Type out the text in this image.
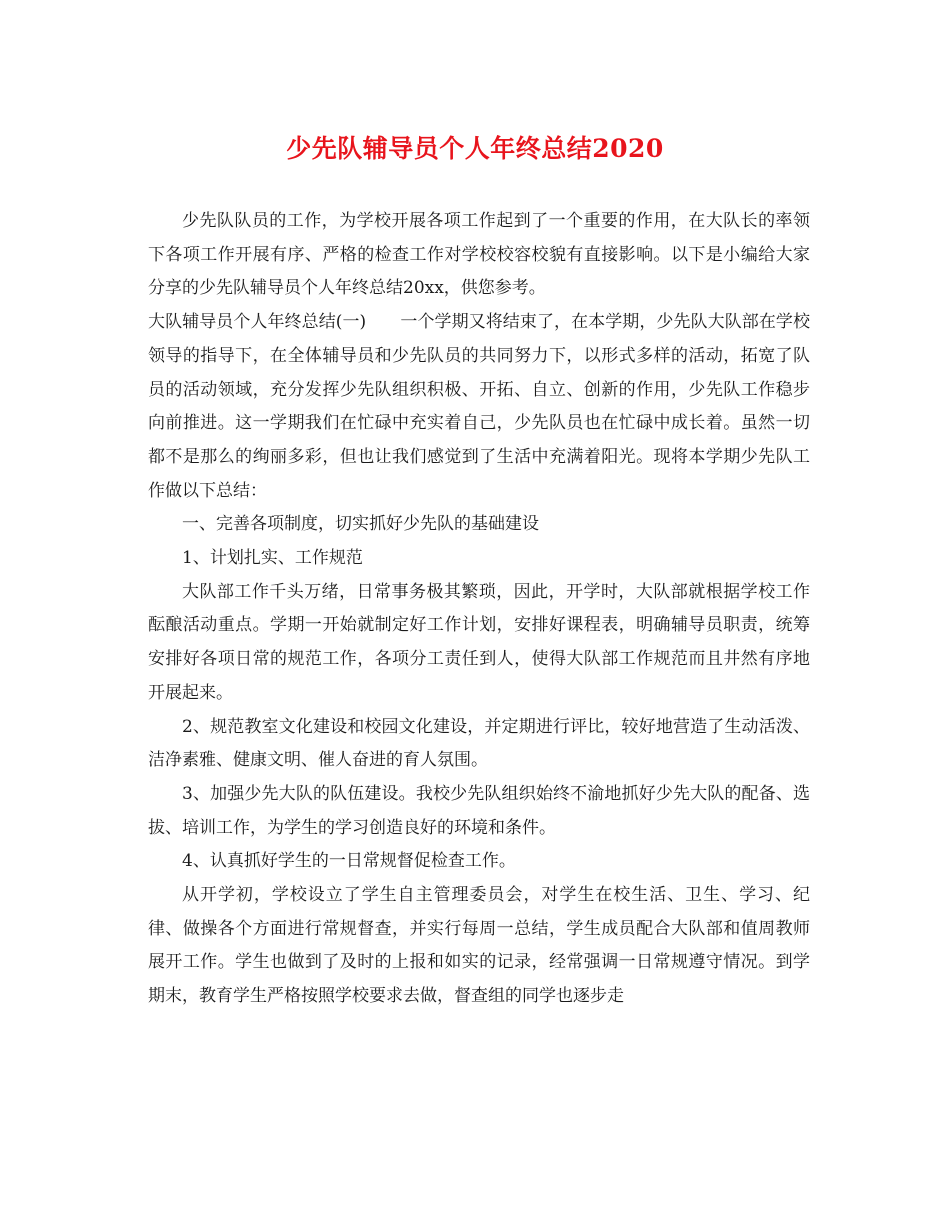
少先队辅导员个人年终总结2020

少先队队员的工作，为学校开展各项工作起到了一个重要的作用，在大队长的率领下各项工作开展有序、严格的检查工作对学校校容校貌有直接影响。以下是小编给大家分享的少先队辅导员个人年终总结20xx，供您参考。

大队辅导员个人年终总结(一)　　一个学期又将结束了，在本学期，少先队大队部在学校领导的指导下，在全体辅导员和少先队员的共同努力下，以形式多样的活动，拓宽了队员的活动领域，充分发挥少先队组织积极、开拓、自立、创新的作用，少先队工作稳步向前推进。这一学期我们在忙碌中充实着自己，少先队员也在忙碌中成长着。虽然一切都不是那么的绚丽多彩，但也让我们感觉到了生活中充满着阳光。现将本学期少先队工作做以下总结：

一、完善各项制度，切实抓好少先队的基础建设

1、计划扎实、工作规范

大队部工作千头万绪，日常事务极其繁琐，因此，开学时，大队部就根据学校工作酝酿活动重点。学期一开始就制定好工作计划，安排好课程表，明确辅导员职责，统筹安排好各项日常的规范工作，各项分工责任到人，使得大队部工作规范而且井然有序地开展起来。

2、规范教室文化建设和校园文化建设，并定期进行评比，较好地营造了生动活泼、洁净素雅、健康文明、催人奋进的育人氛围。

3、加强少先大队的队伍建设。我校少先队组织始终不渝地抓好少先大队的配备、选拔、培训工作，为学生的学习创造良好的环境和条件。

4、认真抓好学生的一日常规督促检查工作。

从开学初，学校设立了学生自主管理委员会，对学生在校生活、卫生、学习、纪律、做操各个方面进行常规督查，并实行每周一总结，学生成员配合大队部和值周教师展开工作。学生也做到了及时的上报和如实的记录，经常强调一日常规遵守情况。到学期末，教育学生严格按照学校要求去做，督查组的同学也逐步走
